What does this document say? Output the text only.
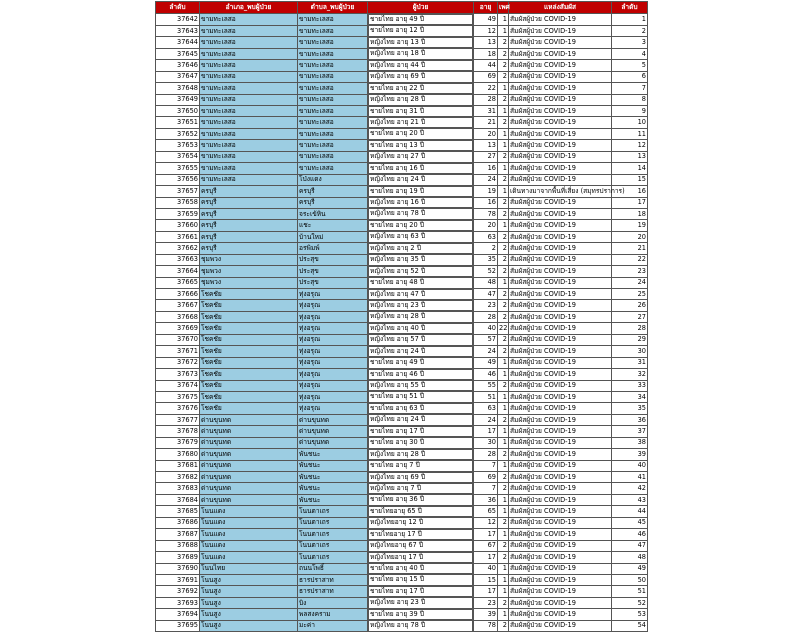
ลำดับ	อำเภอ_พบผู้ป่วย	ตำบล_พบผู้ป่วย	ผู้ป่วย	อายุ	เพศ	แหล่งสัมผัส	ลำดับ
37642	ขามทะเลสอ	ขามทะเลสอ		ชายไทย อายุ 49 ปี	49	1	สัมผัสผู้ป่วย COVID-19	1
37643	ขามทะเลสอ	ขามทะเลสอ		ชายไทย อายุ 12 ปี	12	1	สัมผัสผู้ป่วย COVID-19	2
37644	ขามทะเลสอ	ขามทะเลสอ		หญิงไทย อายุ 13 ปี	13	2	สัมผัสผู้ป่วย COVID-19	3
37645	ขามทะเลสอ	ขามทะเลสอ		หญิงไทย อายุ 18 ปี	18	2	สัมผัสผู้ป่วย COVID-19	4
37646	ขามทะเลสอ	ขามทะเลสอ		หญิงไทย อายุ 44 ปี	44	2	สัมผัสผู้ป่วย COVID-19	5
37647	ขามทะเลสอ	ขามทะเลสอ		หญิงไทย อายุ 69 ปี	69	2	สัมผัสผู้ป่วย COVID-19	6
37648	ขามทะเลสอ	ขามทะเลสอ		ชายไทย อายุ 22 ปี	22	1	สัมผัสผู้ป่วย COVID-19	7
37649	ขามทะเลสอ	ขามทะเลสอ		หญิงไทย อายุ 28 ปี	28	2	สัมผัสผู้ป่วย COVID-19	8
37650	ขามทะเลสอ	ขามทะเลสอ		ชายไทย อายุ 31 ปี	31	1	สัมผัสผู้ป่วย COVID-19	9
37651	ขามทะเลสอ	ขามทะเลสอ		หญิงไทย อายุ 21 ปี	21	2	สัมผัสผู้ป่วย COVID-19	10
37652	ขามทะเลสอ	ขามทะเลสอ		ชายไทย อายุ 20 ปี	20	1	สัมผัสผู้ป่วย COVID-19	11
37653	ขามทะเลสอ	ขามทะเลสอ		ชายไทย อายุ 13 ปี	13	1	สัมผัสผู้ป่วย COVID-19	12
37654	ขามทะเลสอ	ขามทะเลสอ		หญิงไทย อายุ 27 ปี	27	2	สัมผัสผู้ป่วย COVID-19	13
37655	ขามทะเลสอ	ขามทะเลสอ		ชายไทย อายุ 16 ปี	16	1	สัมผัสผู้ป่วย COVID-19	14
37656	ขามทะเลสอ	โป่งแดง		หญิงไทย อายุ 24 ปี	24	2	สัมผัสผู้ป่วย COVID-19	15
37657	ครบุรี	ครบุรี		ชายไทย อายุ 19 ปี	19	1	เดินทางมาจากพื้นที่เสี่ยง (สมุทรปราการ)	16
37658	ครบุรี	ครบุรี		หญิงไทย อายุ 16 ปี	16	2	สัมผัสผู้ป่วย COVID-19	17
37659	ครบุรี	จระเข้หิน		หญิงไทย อายุ 78 ปี	78	2	สัมผัสผู้ป่วย COVID-19	18
37660	ครบุรี	แชะ		ชายไทย อายุ 20 ปี	20	1	สัมผัสผู้ป่วย COVID-19	19
37661	ครบุรี	บ้านใหม่		หญิงไทย อายุ 63 ปี	63	2	สัมผัสผู้ป่วย COVID-19	20
37662	ครบุรี	อรพิมพ์		หญิงไทย อายุ 2 ปี	2	2	สัมผัสผู้ป่วย COVID-19	21
37663	ชุมพวง	ประสุข		หญิงไทย อายุ 35 ปี	35	2	สัมผัสผู้ป่วย COVID-19	22
37664	ชุมพวง	ประสุข		หญิงไทย อายุ 52 ปี	52	2	สัมผัสผู้ป่วย COVID-19	23
37665	ชุมพวง	ประสุข		ชายไทย อายุ 48 ปี	48	1	สัมผัสผู้ป่วย COVID-19	24
37666	โชคชัย	ทุ่งอรุณ		หญิงไทย อายุ 47 ปี	47	2	สัมผัสผู้ป่วย COVID-19	25
37667	โชคชัย	ทุ่งอรุณ		หญิงไทย อายุ 23 ปี	23	2	สัมผัสผู้ป่วย COVID-19	26
37668	โชคชัย	ทุ่งอรุณ		หญิงไทย อายุ 28 ปี	28	2	สัมผัสผู้ป่วย COVID-19	27
37669	โชคชัย	ทุ่งอรุณ		หญิงไทย อายุ 40 ปี	40	22	สัมผัสผู้ป่วย COVID-19	28
37670	โชคชัย	ทุ่งอรุณ		หญิงไทย อายุ 57 ปี	57	2	สัมผัสผู้ป่วย COVID-19	29
37671	โชคชัย	ทุ่งอรุณ		หญิงไทย อายุ 24 ปี	24	2	สัมผัสผู้ป่วย COVID-19	30
37672	โชคชัย	ทุ่งอรุณ		ชายไทย อายุ 49 ปี	49	1	สัมผัสผู้ป่วย COVID-19	31
37673	โชคชัย	ทุ่งอรุณ		ชายไทย อายุ 46 ปี	46	1	สัมผัสผู้ป่วย COVID-19	32
37674	โชคชัย	ทุ่งอรุณ		หญิงไทย อายุ 55 ปี	55	2	สัมผัสผู้ป่วย COVID-19	33
37675	โชคชัย	ทุ่งอรุณ		ชายไทย อายุ 51 ปี	51	1	สัมผัสผู้ป่วย COVID-19	34
37676	โชคชัย	ทุ่งอรุณ		ชายไทย อายุ 63 ปี	63	1	สัมผัสผู้ป่วย COVID-19	35
37677	ด่านขุนทด	ด่านขุนทด		หญิงไทย อายุ 24 ปี	24	2	สัมผัสผู้ป่วย COVID-19	36
37678	ด่านขุนทด	ด่านขุนทด		ชายไทย อายุ 17 ปี	17	1	สัมผัสผู้ป่วย COVID-19	37
37679	ด่านขุนทด	ด่านขุนทด		ชายไทย อายุ 30 ปี	30	1	สัมผัสผู้ป่วย COVID-19	38
37680	ด่านขุนทด	พันชนะ		หญิงไทย อายุ 28 ปี	28	2	สัมผัสผู้ป่วย COVID-19	39
37681	ด่านขุนทด	พันชนะ		ชายไทย อายุ 7 ปี	7	1	สัมผัสผู้ป่วย COVID-19	40
37682	ด่านขุนทด	พันชนะ		หญิงไทย อายุ 69 ปี	69	2	สัมผัสผู้ป่วย COVID-19	41
37683	ด่านขุนทด	พันชนะ		หญิงไทย อายุ 7 ปี	7	2	สัมผัสผู้ป่วย COVID-19	42
37684	ด่านขุนทด	พันชนะ		ชายไทย อายุ 36 ปี	36	1	สัมผัสผู้ป่วย COVID-19	43
37685	โนนแดง	โนนตาเถร		ชายไทยอายุ 65 ปี	65	1	สัมผัสผู้ป่วย COVID-19	44
37686	โนนแดง	โนนตาเถร		หญิงไทยอายุ 12 ปี	12	2	สัมผัสผู้ป่วย COVID-19	45
37687	โนนแดง	โนนตาเถร		ชายไทยอายุ 17 ปี	17	1	สัมผัสผู้ป่วย COVID-19	46
37688	โนนแดง	โนนตาเถร		หญิงไทยอายุ 67 ปี	67	2	สัมผัสผู้ป่วย COVID-19	47
37689	โนนแดง	โนนตาเถร		หญิงไทยอายุ 17 ปี	17	2	สัมผัสผู้ป่วย COVID-19	48
37690	โนนไทย	ถนนโพธิ์		ชายไทย อายุ 40 ปี	40	1	สัมผัสผู้ป่วย COVID-19	49
37691	โนนสูง	ธารปราสาท		ชายไทย อายุ 15 ปี	15	1	สัมผัสผู้ป่วย COVID-19	50
37692	โนนสูง	ธารปราสาท		ชายไทย อายุ 17 ปี	17	1	สัมผัสผู้ป่วย COVID-19	51
37693	โนนสูง	บิง		หญิงไทย อายุ 23 ปี	23	2	สัมผัสผู้ป่วย COVID-19	52
37694	โนนสูง	พลสงคราม		ชายไทย อายุ 39 ปี	39	1	สัมผัสผู้ป่วย COVID-19	53
37695	โนนสูง	มะค่า		หญิงไทย อายุ 78 ปี	78	2	สัมผัสผู้ป่วย COVID-19	54
